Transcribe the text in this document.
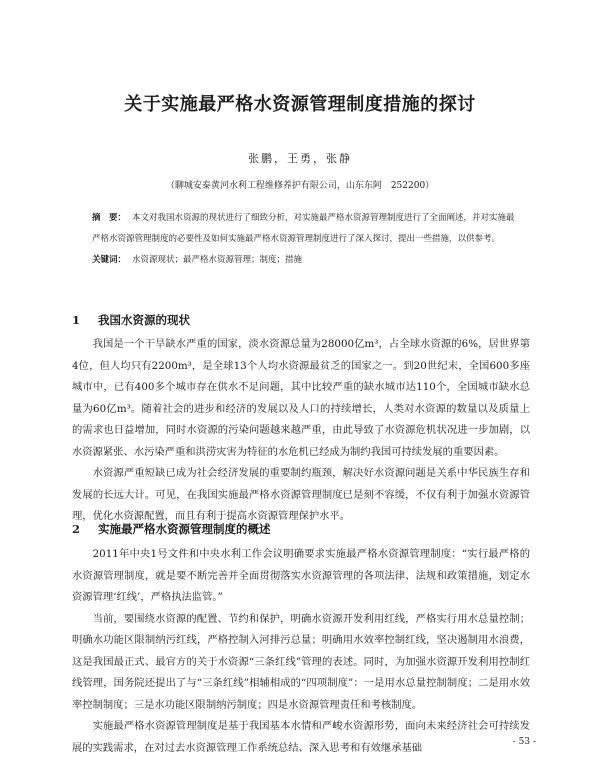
关于实施最严格水资源管理制度措施的探讨
张鹏，王勇，张静
（聊城安泰黄河水利工程维修养护有限公司，山东东阿　252200）

摘　要： 本文对我国水资源的现状进行了细致分析，对实施最严格水资源管理制度进行了全面阐述，并对实施最严格水资源管理制度的必要性及如何实施最严格水资源管理制度进行了深入探讨，提出一些措施，以供参考。

关键词： 水资源现状；最严格水资源管理；制度；措施

1 我国水资源的现状

我国是一个干旱缺水严重的国家，淡水资源总量为28000亿m³，占全球水资源的6%，居世界第4位，但人均只有2200m³，是全球13个人均水资源最贫乏的国家之一。到20世纪末，全国600多座城市中，已有400多个城市存在供水不足问题，其中比较严重的缺水城市达110个，全国城市缺水总量为60亿m³。随着社会的进步和经济的发展以及人口的持续增长，人类对水资源的数量以及质量上的需求也日益增加，同时水资源的污染问题越来越严重，由此导致了水资源危机状况进一步加剧，以水资源紧张、水污染严重和洪涝灾害为特征的水危机已经成为制约我国可持续发展的重要因素。

水资源严重短缺已成为社会经济发展的重要制约瓶颈，解决好水资源问题是关系中华民族生存和发展的长远大计。可见，在我国实施最严格水资源管理制度已是刻不容缓，不仅有利于加强水资源管理，优化水资源配置，而且有利于提高水资源管理保护水平。

2 实施最严格水资源管理制度的概述

2011年中央1号文件和中央水利工作会议明确要求实施最严格水资源管理制度：“实行最严格的水资源管理制度，就是要不断完善并全面贯彻落实水资源管理的各项法律、法规和政策措施，划定水资源管理‘红线’，严格执法监管。”

当前，要围绕水资源的配置、节约和保护，明确水资源开发利用红线，严格实行用水总量控制；明确水功能区限制纳污红线，严格控制入河排污总量；明确用水效率控制红线，坚决遏制用水浪费，这是我国最正式、最官方的关于水资源“三条红线”管理的表述。同时，为加强水资源开发利用控制红线管理，国务院还提出了与“三条红线”相辅相成的“四项制度”：一是用水总量控制制度；二是用水效率控制制度；三是水功能区限制纳污制度；四是水资源管理责任和考核制度。

实施最严格水资源管理制度是基于我国基本水情和严峻水资源形势，面向未来经济社会可持续发展的实践需求，在对过去水资源管理工作系统总结、深入思考和有效继承基础	- 53 -
